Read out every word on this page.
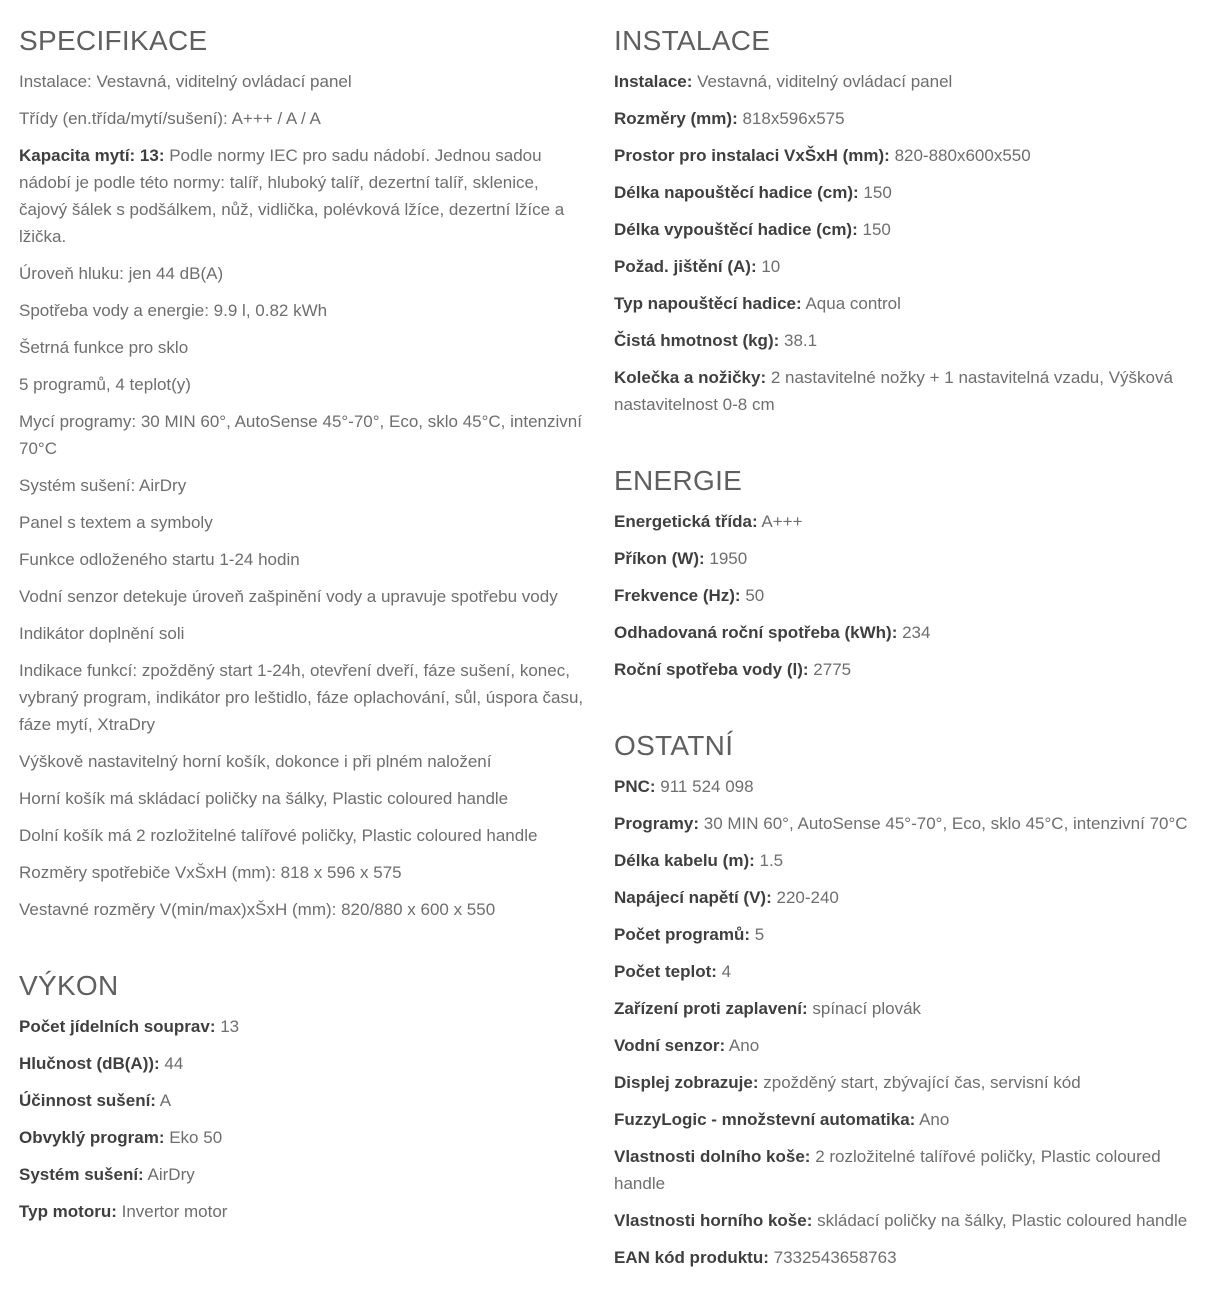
SPECIFIKACE

Instalace: Vestavná, viditelný ovládací panel

Třídy (en.třída/mytí/sušení): A+++ / A / A

Kapacita mytí: 13: Podle normy IEC pro sadu nádobí. Jednou sadou nádobí je podle této normy: talíř, hluboký talíř, dezertní talíř, sklenice, čajový šálek s podšálkem, nůž, vidlička, polévková lžíce, dezertní lžíce a lžička.

Úroveň hluku: jen 44 dB(A)

Spotřeba vody a energie: 9.9 l, 0.82 kWh

Šetrná funkce pro sklo

5 programů, 4 teplot(y)

Mycí programy: 30 MIN 60°, AutoSense 45°-70°, Eco, sklo 45°C, intenzivní 70°C

Systém sušení: AirDry

Panel s textem a symboly

Funkce odloženého startu 1-24 hodin

Vodní senzor detekuje úroveň zašpinění vody a upravuje spotřebu vody

Indikátor doplnění soli

Indikace funkcí: zpožděný start 1-24h, otevření dveří, fáze sušení, konec, vybraný program, indikátor pro leštidlo, fáze oplachování, sůl, úspora času, fáze mytí, XtraDry

Výškově nastavitelný horní košík, dokonce i při plném naložení

Horní košík má skládací poličky na šálky, Plastic coloured handle

Dolní košík má 2 rozložitelné talířové poličky, Plastic coloured handle

Rozměry spotřebiče VxŠxH (mm): 818 x 596 x 575

Vestavné rozměry V(min/max)xŠxH (mm): 820/880 x 600 x 550

VÝKON

Počet jídelních souprav: 13

Hlučnost (dB(A)): 44

Účinnost sušení: A

Obvyklý program: Eko 50

Systém sušení: AirDry

Typ motoru: Invertor motor

INSTALACE

Instalace: Vestavná, viditelný ovládací panel

Rozměry (mm): 818x596x575

Prostor pro instalaci VxŠxH (mm): 820-880x600x550

Délka napouštěcí hadice (cm): 150

Délka vypouštěcí hadice (cm): 150

Požad. jištění (A): 10

Typ napouštěcí hadice: Aqua control

Čistá hmotnost (kg): 38.1

Kolečka a nožičky: 2 nastavitelné nožky + 1 nastavitelná vzadu, Výšková nastavitelnost 0-8 cm

ENERGIE

Energetická třída: A+++

Příkon (W): 1950

Frekvence (Hz): 50

Odhadovaná roční spotřeba (kWh): 234

Roční spotřeba vody (l): 2775

OSTATNÍ

PNC: 911 524 098

Programy: 30 MIN 60°, AutoSense 45°-70°, Eco, sklo 45°C, intenzivní 70°C

Délka kabelu (m): 1.5

Napájecí napětí (V): 220-240

Počet programů: 5

Počet teplot: 4

Zařízení proti zaplavení: spínací plovák

Vodní senzor: Ano

Displej zobrazuje: zpožděný start, zbývající čas, servisní kód

FuzzyLogic - množstevní automatika: Ano

Vlastnosti dolního koše: 2 rozložitelné talířové poličky, Plastic coloured handle

Vlastnosti horního koše: skládací poličky na šálky, Plastic coloured handle

EAN kód produktu: 7332543658763
